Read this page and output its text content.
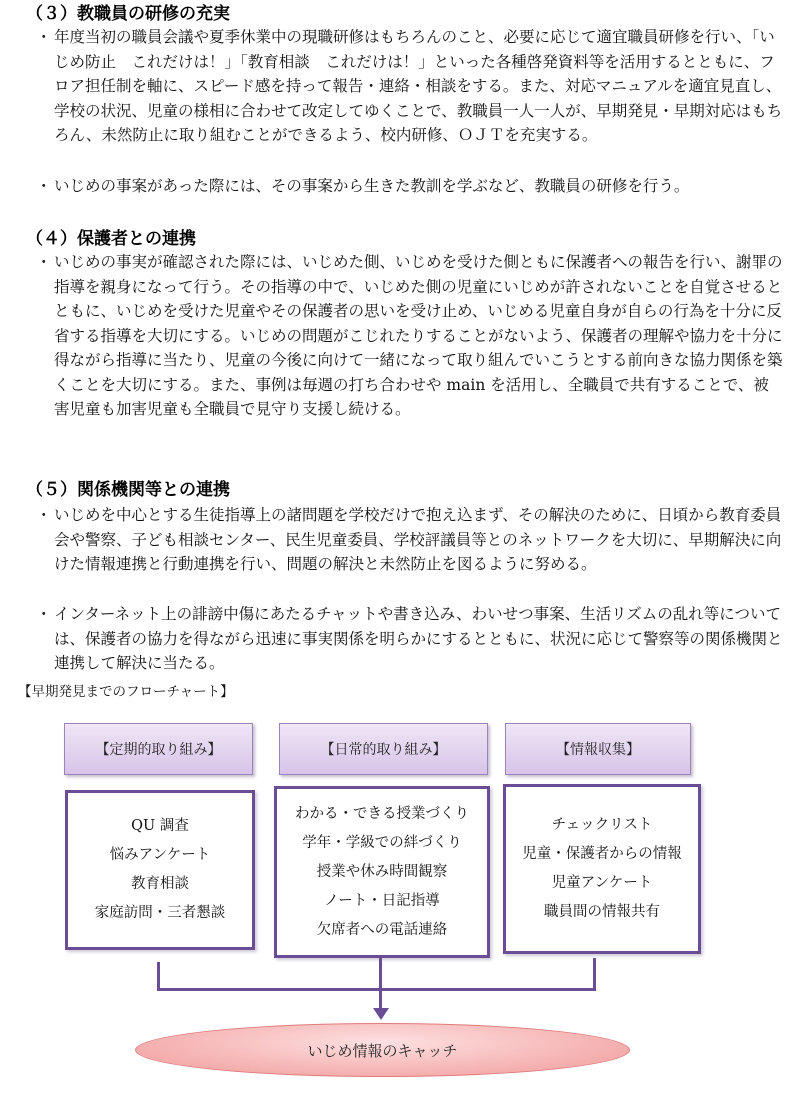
（３）教職員の研修の充実

・ 年度当初の職員会議や夏季休業中の現職研修はもちろんのこと、必要に応じて適宜職員研修を行い、「いじめ防止　これだけは！」「教育相談　これだけは！」といった各種啓発資料等を活用するとともに、フロア担任制を軸に、スピード感を持って報告・連絡・相談をする。また、対応マニュアルを適宜見直し、学校の状況、児童の様相に合わせて改定してゆくことで、教職員一人一人が、早期発見・早期対応はもちろん、未然防止に取り組むことができるよう、校内研修、ＯＪＴを充実する。

・ いじめの事案があった際には、その事案から生きた教訓を学ぶなど、教職員の研修を行う。

（４）保護者との連携

・ いじめの事実が確認された際には、いじめた側、いじめを受けた側ともに保護者への報告を行い、謝罪の指導を親身になって行う。その指導の中で、いじめた側の児童にいじめが許されないことを自覚させるとともに、いじめを受けた児童やその保護者の思いを受け止め、いじめる児童自身が自らの行為を十分に反省する指導を大切にする。いじめの問題がこじれたりすることがないよう、保護者の理解や協力を十分に得ながら指導に当たり、児童の今後に向けて一緒になって取り組んでいこうとする前向きな協力関係を築くことを大切にする。また、事例は毎週の打ち合わせや main を活用し、全職員で共有することで、被害児童も加害児童も全職員で見守り支援し続ける。

（５）関係機関等との連携

・ いじめを中心とする生徒指導上の諸問題を学校だけで抱え込まず、その解決のために、日頃から教育委員会や警察、子ども相談センター、民生児童委員、学校評議員等とのネットワークを大切に、早期解決に向けた情報連携と行動連携を行い、問題の解決と未然防止を図るように努める。

・ インターネット上の誹謗中傷にあたるチャットや書き込み、わいせつ事案、生活リズムの乱れ等については、保護者の協力を得ながら迅速に事実関係を明らかにするとともに、状況に応じて警察等の関係機関と連携して解決に当たる。

【早期発見までのフローチャート】
【定期的取り組み】	【日常的取り組み】	【情報収集】
QU 調査
悩みアンケート
教育相談
家庭訪問・三者懇談
わかる・できる授業づくり
学年・学級での絆づくり
授業や休み時間観察
ノート・日記指導
欠席者への電話連絡
チェックリスト
児童・保護者からの情報
児童アンケート
職員間の情報共有
いじめ情報のキャッチ
